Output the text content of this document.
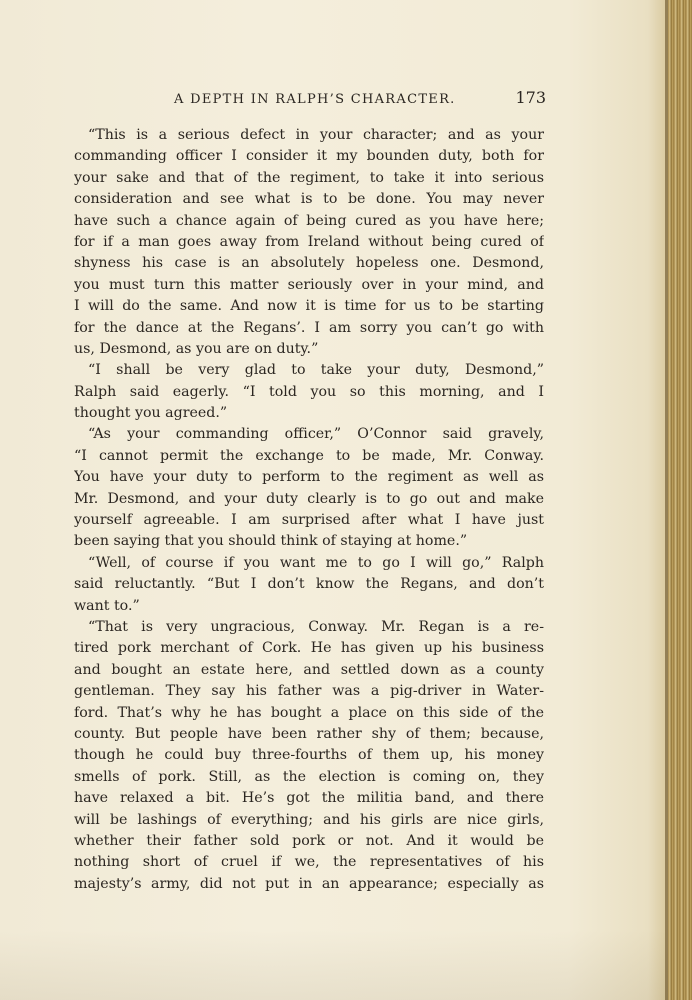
A DEPTH IN RALPH’S CHARACTER.	173
“This is a serious defect in your character; and as your
commanding officer I consider it my bounden duty, both for
your sake and that of the regiment, to take it into serious
consideration and see what is to be done. You may never
have such a chance again of being cured as you have here;
for if a man goes away from Ireland without being cured of
shyness his case is an absolutely hopeless one. Desmond,
you must turn this matter seriously over in your mind, and
I will do the same. And now it is time for us to be starting
for the dance at the Regans’. I am sorry you can’t go with
us, Desmond, as you are on duty.”
“I shall be very glad to take your duty, Desmond,”
Ralph said eagerly. “I told you so this morning, and I
thought you agreed.”
“As your commanding officer,” O’Connor said gravely,
“I cannot permit the exchange to be made, Mr. Conway.
You have your duty to perform to the regiment as well as
Mr. Desmond, and your duty clearly is to go out and make
yourself agreeable. I am surprised after what I have just
been saying that you should think of staying at home.”
“Well, of course if you want me to go I will go,” Ralph
said reluctantly. “But I don’t know the Regans, and don’t
want to.”
“That is very ungracious, Conway. Mr. Regan is a re-
tired pork merchant of Cork. He has given up his business
and bought an estate here, and settled down as a county
gentleman. They say his father was a pig-driver in Water-
ford. That’s why he has bought a place on this side of the
county. But people have been rather shy of them; because,
though he could buy three-fourths of them up, his money
smells of pork. Still, as the election is coming on, they
have relaxed a bit. He’s got the militia band, and there
will be lashings of everything; and his girls are nice girls,
whether their father sold pork or not. And it would be
nothing short of cruel if we, the representatives of his
majesty’s army, did not put in an appearance; especially as
